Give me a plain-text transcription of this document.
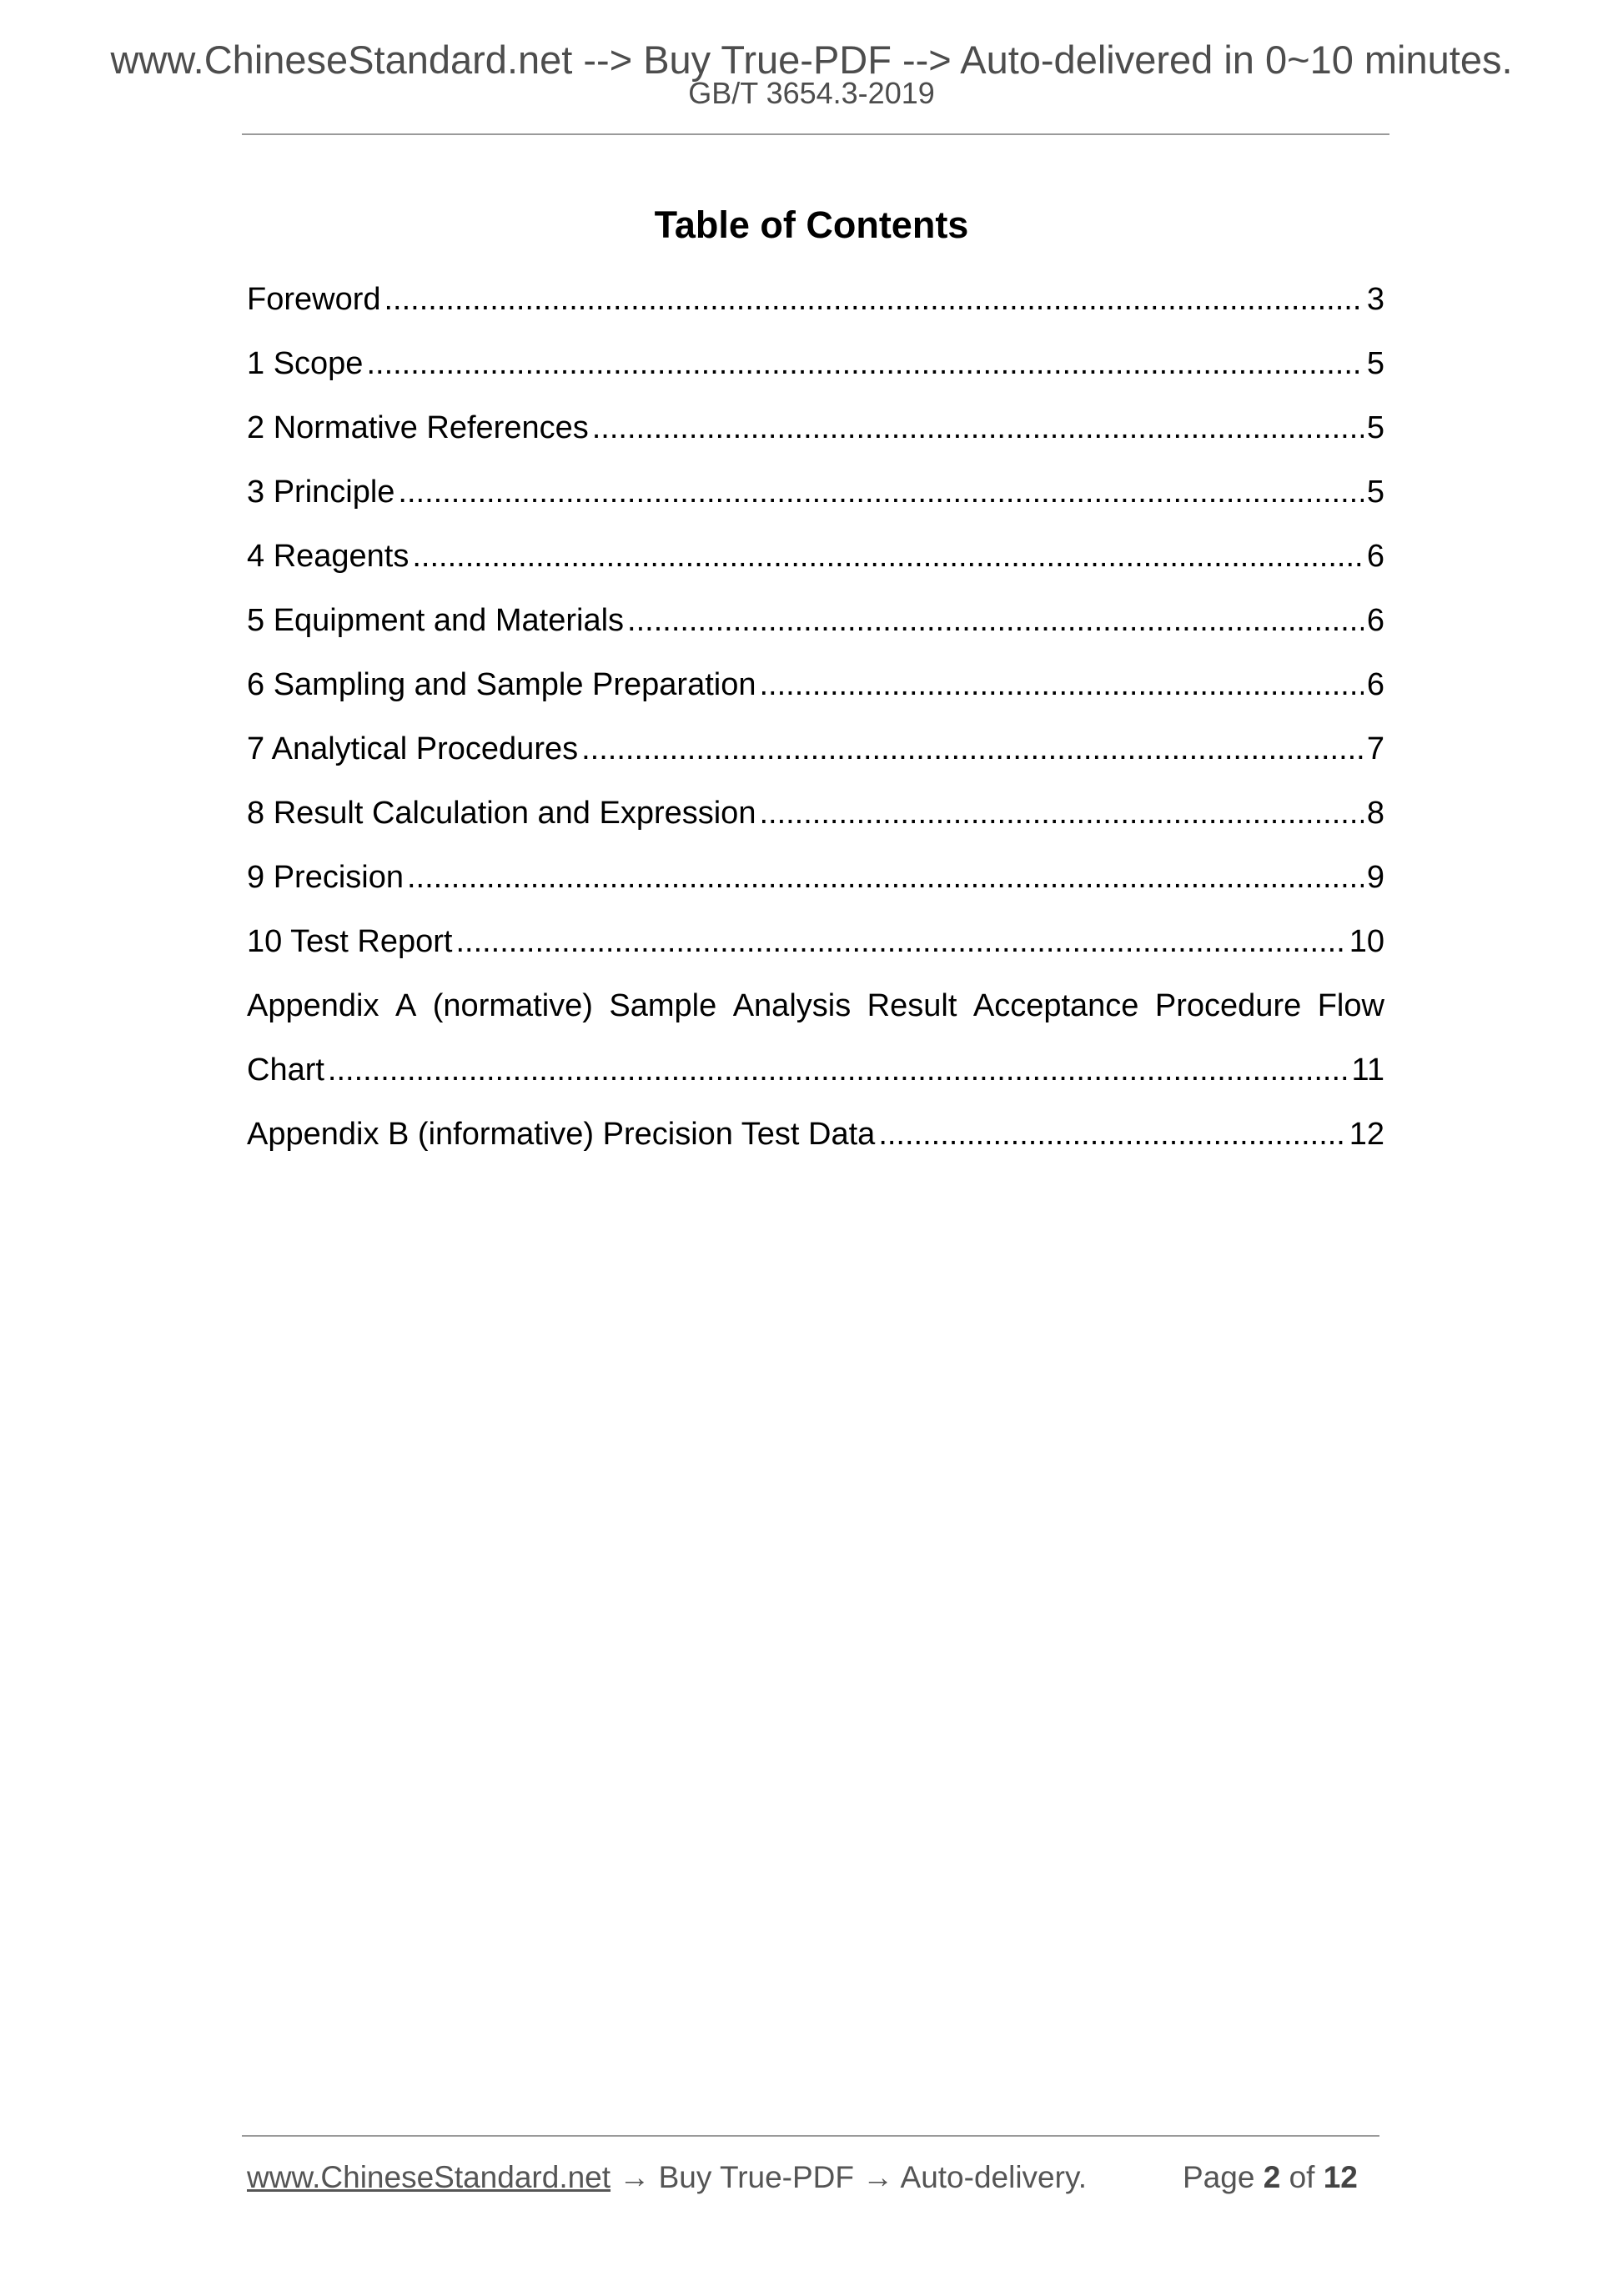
www.ChineseStandard.net --> Buy True-PDF --> Auto-delivered in 0~10 minutes.
GB/T 3654.3-2019
Table of Contents
Foreword .....	3
1 Scope .....	5
2 Normative References .....	5
3 Principle .....	5
4 Reagents .....	6
5 Equipment and Materials .....	6
6 Sampling and Sample Preparation .....	6
7 Analytical Procedures .....	7
8 Result Calculation and Expression .....	8
9 Precision .....	9
10 Test Report .....	10
Appendix A (normative) Sample Analysis Result Acceptance Procedure Flow
Chart .....	11
Appendix B (informative) Precision Test Data .....	12
www.ChineseStandard.net → Buy True-PDF → Auto-delivery.	Page 2 of 12
